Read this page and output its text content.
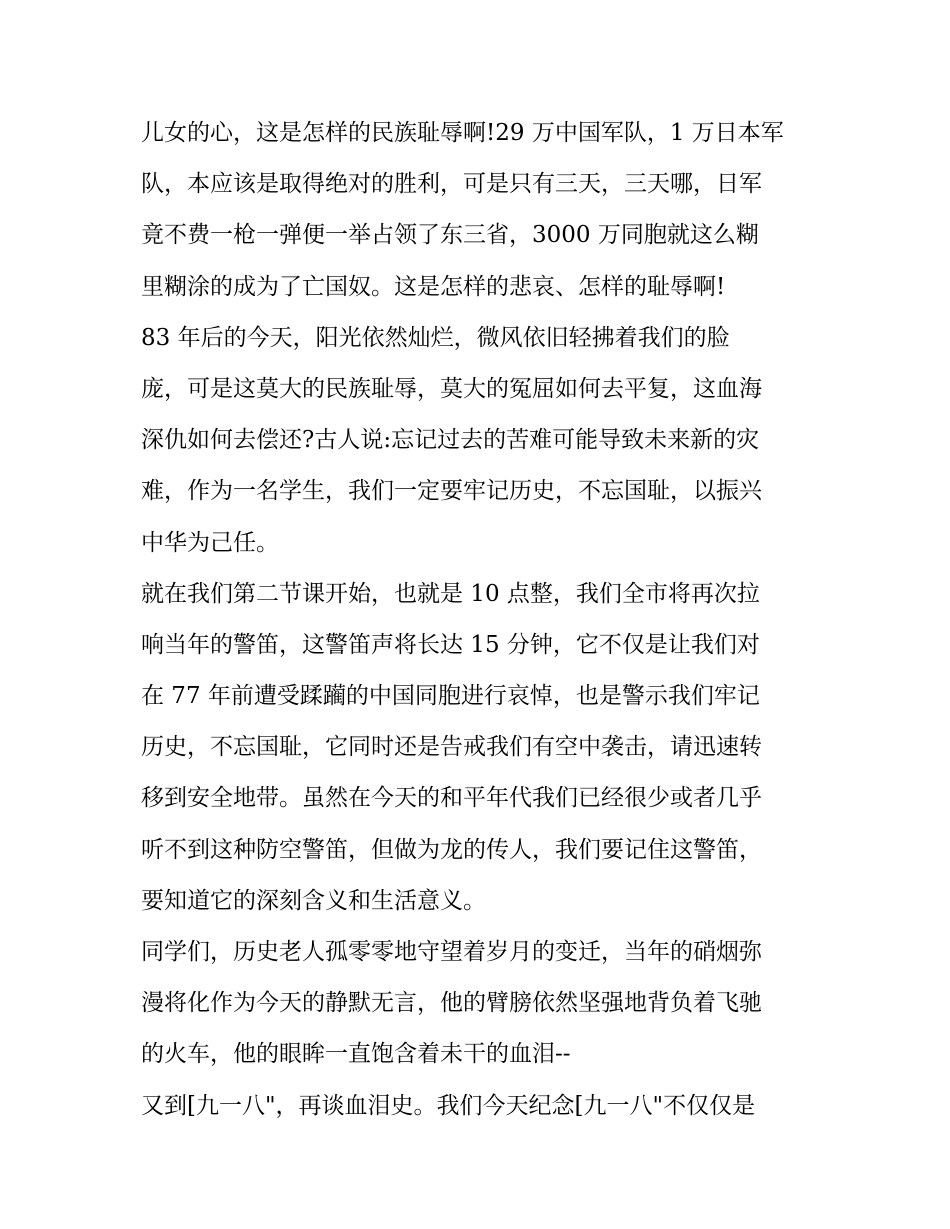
儿女的心，这是怎样的民族耻辱啊!29 万中国军队，1 万日本军
队，本应该是取得绝对的胜利，可是只有三天，三天哪，日军
竟不费一枪一弹便一举占领了东三省，3000 万同胞就这么糊
里糊涂的成为了亡国奴。这是怎样的悲哀、怎样的耻辱啊!
83 年后的今天，阳光依然灿烂，微风依旧轻拂着我们的脸
庞，可是这莫大的民族耻辱，莫大的冤屈如何去平复，这血海
深仇如何去偿还?古人说:忘记过去的苦难可能导致未来新的灾
难，作为一名学生，我们一定要牢记历史，不忘国耻，以振兴
中华为己任。
就在我们第二节课开始，也就是 10 点整，我们全市将再次拉
响当年的警笛，这警笛声将长达 15 分钟，它不仅是让我们对
在 77 年前遭受蹂躏的中国同胞进行哀悼，也是警示我们牢记
历史，不忘国耻，它同时还是告戒我们有空中袭击，请迅速转
移到安全地带。虽然在今天的和平年代我们已经很少或者几乎
听不到这种防空警笛，但做为龙的传人，我们要记住这警笛，
要知道它的深刻含义和生活意义。
同学们，历史老人孤零零地守望着岁月的变迁，当年的硝烟弥
漫将化作为今天的静默无言，他的臂膀依然坚强地背负着飞驰
的火车，他的眼眸一直饱含着未干的血泪--
又到[九一八"，再谈血泪史。我们今天纪念[九一八"不仅仅是
